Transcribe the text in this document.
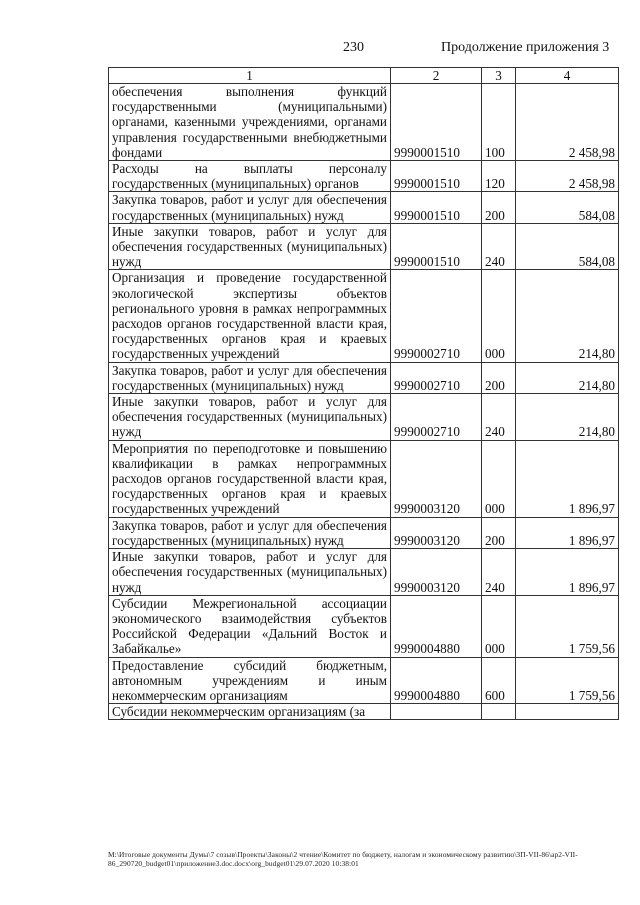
230	Продолжение приложения 3
1	2	3	4
обеспечения выполнения функций государственными (муниципальными) органами, казенными учреждениями, органами управления государственными внебюджетными фондами	9990001510	100	2 458,98
Расходы на выплаты персоналу государственных (муниципальных) органов	9990001510	120	2 458,98
Закупка товаров, работ и услуг для обеспечения государственных (муниципальных) нужд	9990001510	200	584,08
Иные закупки товаров, работ и услуг для обеспечения государственных (муниципальных) нужд	9990001510	240	584,08
Организация и проведение государственной экологической экспертизы объектов регионального уровня в рамках непрограммных расходов органов государственной власти края, государственных органов края и краевых государственных учреждений	9990002710	000	214,80
Закупка товаров, работ и услуг для обеспечения государственных (муниципальных) нужд	9990002710	200	214,80
Иные закупки товаров, работ и услуг для обеспечения государственных (муниципальных) нужд	9990002710	240	214,80
Мероприятия по переподготовке и повышению квалификации в рамках непрограммных расходов органов государственной власти края, государственных органов края и краевых государственных учреждений	9990003120	000	1 896,97
Закупка товаров, работ и услуг для обеспечения государственных (муниципальных) нужд	9990003120	200	1 896,97
Иные закупки товаров, работ и услуг для обеспечения государственных (муниципальных) нужд	9990003120	240	1 896,97
Субсидии Межрегиональной ассоциации экономического взаимодействия субъектов Российской Федерации «Дальний Восток и Забайкалье»	9990004880	000	1 759,56
Предоставление субсидий бюджетным, автономным учреждениям и иным некоммерческим организациям	9990004880	600	1 759,56
Субсидии некоммерческим организациям (за			
M:\Итоговые документы Думы\7 созыв\Проекты\Законы\2 чтение\Комитет по бюджету, налогам и экономическому развитию\ЗП-VII-86\ap2-VII-86_290720_budget01\приложение3.doc.docx\org_budget01\29.07.2020 10:38:01
